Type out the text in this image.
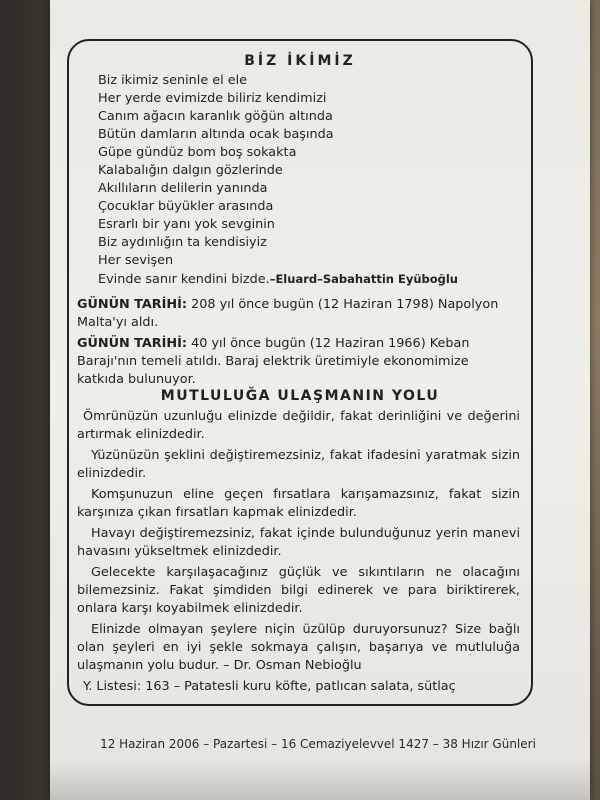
BİZ İKİMİZ
Biz ikimiz seninle el ele
Her yerde evimizde biliriz kendimizi
Canım ağacın karanlık göğün altında
Bütün damların altında ocak başında
Güpe gündüz bom boş sokakta
Kalabalığın dalgın gözlerinde
Akıllıların delilerin yanında
Çocuklar büyükler arasında
Esrarlı bir yanı yok sevginin
Biz aydınlığın ta kendisiyiz
Her sevişen
Evinde sanır kendini bizde.–Eluard–Sabahattin Eyüboğlu
GÜNÜN TARİHİ: 208 yıl önce bugün (12 Haziran 1798) Napolyon Malta'yı aldı.
GÜNÜN TARİHİ: 40 yıl önce bugün (12 Haziran 1966) Keban Barajı'nın temeli atıldı. Baraj elektrik üretimiyle ekonomimize katkıda bulunuyor.
MUTLULUĞA ULAŞMANIN YOLU

Ömrünüzün uzunluğu elinizde değildir, fakat derinliğini ve değerini artırmak elinizdedir.

Yüzünüzün şeklini değiştiremezsiniz, fakat ifadesini yaratmak sizin elinizdedir.

Komşunuzun eline geçen fırsatlara karışamazsınız, fakat sizin karşınıza çıkan fırsatları kapmak elinizdedir.

Havayı değiştiremezsiniz, fakat içinde bulunduğunuz yerin manevi havasını yükseltmek elinizdedir.

Gelecekte karşılaşacağınız güçlük ve sıkıntıların ne olacağını bilemezsiniz. Fakat şimdiden bilgi edinerek ve para biriktirerek, onlara karşı koyabilmek elinizdedir.

Elinizde olmayan şeylere niçin üzülüp duruyorsunuz? Size bağlı olan şeyleri en iyi şekle sokmaya çalışın, başarıya ve mutluluğa ulaşmanın yolu budur. – Dr. Osman Nebioğlu

Y. Listesi: 163 – Patatesli kuru köfte, patlıcan salata, sütlaç

12 Haziran 2006 – Pazartesi – 16 Cemaziyelevvel 1427 – 38 Hızır Günleri
